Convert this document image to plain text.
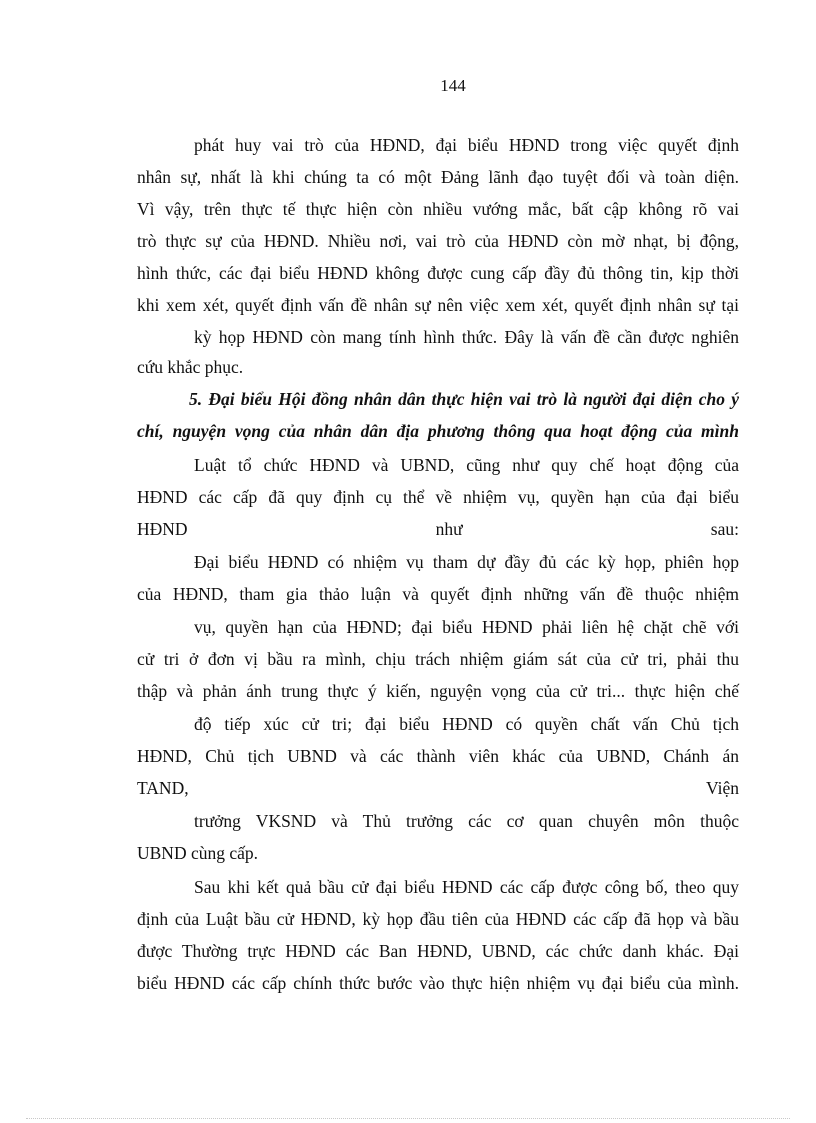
144
phát huy vai trò của HĐND, đại biểu HĐND trong việc quyết định
nhân sự, nhất là khi chúng ta có một Đảng lãnh đạo tuyệt đối và toàn diện.
Vì vậy, trên thực tế thực hiện còn nhiều vướng mắc, bất cập không rõ vai
trò thực sự của HĐND. Nhiều nơi, vai trò của HĐND còn mờ nhạt, bị động,
hình thức, các đại biểu HĐND không được cung cấp đầy đủ thông tin, kịp thời
khi xem xét, quyết định vấn đề nhân sự nên việc xem xét, quyết định nhân sự tại
kỳ họp HĐND còn mang tính hình thức. Đây là vấn đề cần được nghiên
cứu khắc phục.
5. Đại biểu Hội đồng nhân dân thực hiện vai trò là người đại diện cho ý
chí, nguyện vọng của nhân dân địa phương thông qua hoạt động của mình
Luật tổ chức HĐND và UBND, cũng như quy chế hoạt động của
HĐND các cấp đã quy định cụ thể về nhiệm vụ, quyền hạn của đại biểu
HĐND như sau:
Đại biểu HĐND có nhiệm vụ tham dự đầy đủ các kỳ họp, phiên họp
của HĐND, tham gia thảo luận và quyết định những vấn đề thuộc nhiệm
vụ, quyền hạn của HĐND; đại biểu HĐND phải liên hệ chặt chẽ với
cử tri ở đơn vị bầu ra mình, chịu trách nhiệm giám sát của cử tri, phải thu
thập và phản ánh trung thực ý kiến, nguyện vọng của cử tri... thực hiện chế
độ tiếp xúc cử tri; đại biểu HĐND có quyền chất vấn Chủ tịch
HĐND, Chủ tịch UBND và các thành viên khác của UBND, Chánh án
TAND, Viện
trưởng VKSND và Thủ trưởng các cơ quan chuyên môn thuộc
UBND cùng cấp.
Sau khi kết quả bầu cử đại biểu HĐND các cấp được công bố, theo quy
định của Luật bầu cử HĐND, kỳ họp đầu tiên của HĐND các cấp đã họp và bầu
được Thường trực HĐND các Ban HĐND, UBND, các chức danh khác. Đại
biểu HĐND các cấp chính thức bước vào thực hiện nhiệm vụ đại biểu của mình.
